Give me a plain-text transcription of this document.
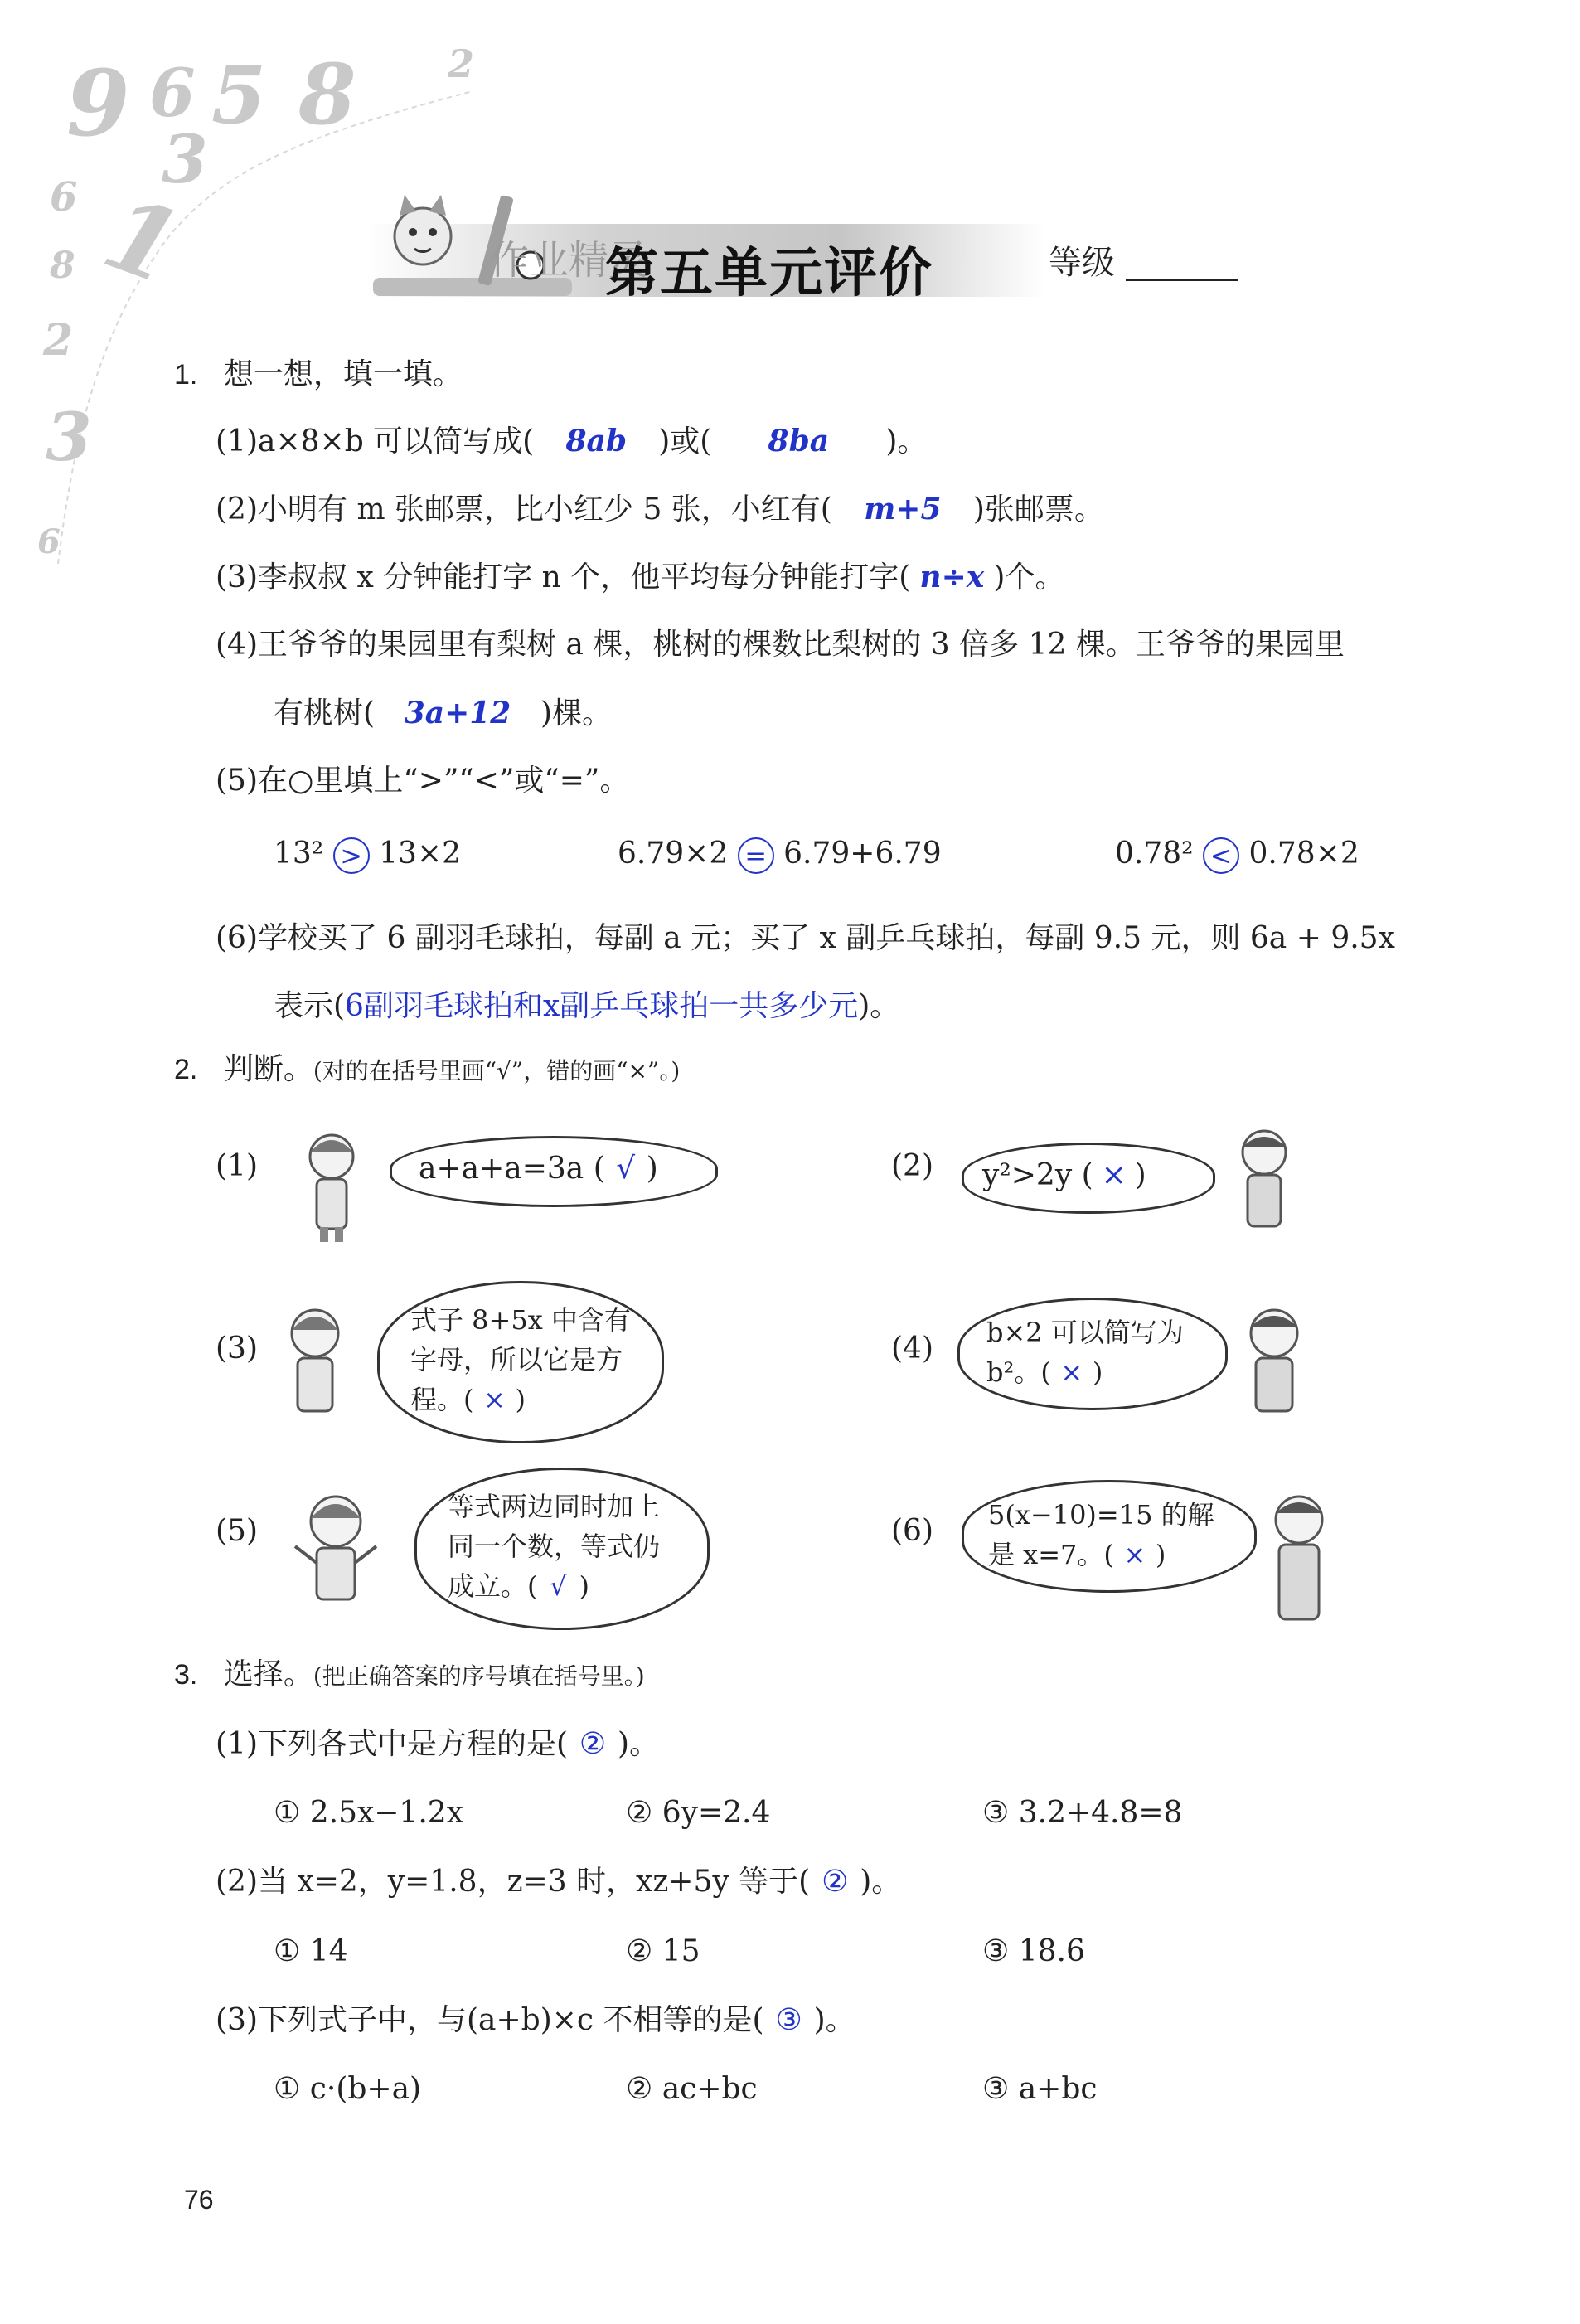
9 6 5 8 2
1
3
6
8
2
3
6
作业精灵
第五单元评价	等级
1. 想一想，填一填。
(1)a×8×b 可以简写成( 8ab )或( 8ba )。
(2)小明有 m 张邮票，比小红少 5 张，小红有( m+5 )张邮票。
(3)李叔叔 x 分钟能打字 n 个，他平均每分钟能打字( n÷x )个。
(4)王爷爷的果园里有梨树 a 棵，桃树的棵数比梨树的 3 倍多 12 棵。王爷爷的果园里
有桃树( 3a+12 )棵。
(5)在○里填上“>”“<”或“=”。
13² > 13×2	6.79×2 = 6.79+6.79	0.78² < 0.78×2
(6)学校买了 6 副羽毛球拍，每副 a 元；买了 x 副乒乓球拍，每副 9.5 元，则 6a + 9.5x
表示(6副羽毛球拍和x副乒乓球拍一共多少元)。
2. 判断。(对的在括号里画“√”，错的画“×”。)
(1)	a+a+a=3a ( √ )	(2) y²>2y ( × )
(3)
式子 8+5x 中含有
字母，所以它是方
程。( × )
(4) b×2 可以简写为
b²。( × )
(5)
等式两边同时加上
同一个数，等式仍
成立。( √ )
(6) 5(x−10)=15 的解
是 x=7。( × )
3. 选择。(把正确答案的序号填在括号里。)
(1)下列各式中是方程的是( ② )。
① 2.5x−1.2x	② 6y=2.4	③ 3.2+4.8=8
(2)当 x=2，y=1.8，z=3 时，xz+5y 等于( ② )。
① 14	② 15	③ 18.6
(3)下列式子中，与(a+b)×c 不相等的是( ③ )。
① c·(b+a)	② ac+bc	③ a+bc
76
